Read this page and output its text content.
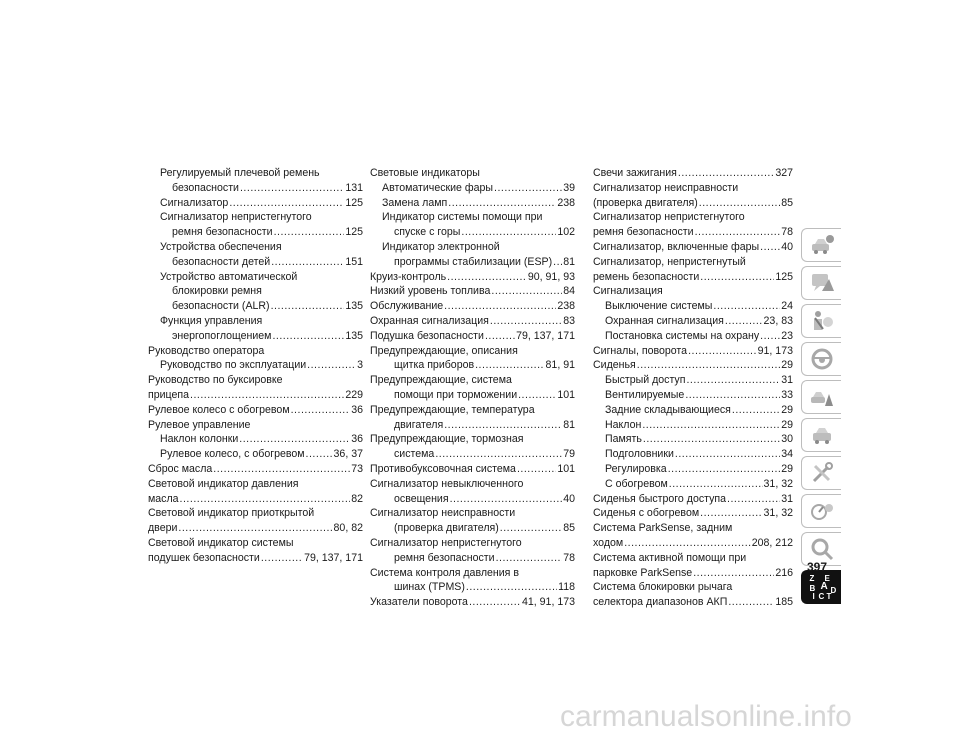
Регулируемый плечевой ремень
безопасности .....	131
Сигнализатор .....	125
Сигнализатор непристегнутого
ремня безопасности .....	125
Устройства обеспечения
безопасности детей .....	151
Устройство автоматической
блокировки ремня
безопасности (ALR) .....	135
Функция управления
энергопоглощением .....	135
Руководство оператора
Руководство по эксплуатации .....	3
Руководство по буксировке
прицепа .....	229
Рулевое колесо с обогревом .....	36
Рулевое управление
Наклон колонки .....	36
Рулевое колесо, с обогревом .....	36, 37
Сброс масла .....	73
Световой индикатор давления
масла .....	82
Световой индикатор приоткрытой
двери .....	80, 82
Световой индикатор системы
подушек безопасности .....	79, 137, 171
Световые индикаторы
Автоматические фары .....	39
Замена ламп .....	238
Индикатор системы помощи при
спуске с горы .....	102
Индикатор электронной
программы стабилизации (ESP) ..... 81
Круиз-контроль .....	90, 91, 93
Низкий уровень топлива .....	84
Обслуживание .....	238
Охранная сигнализация .....	83
Подушка безопасности .....	79, 137, 171
Предупреждающие, описания
щитка приборов .....	81, 91
Предупреждающие, система
помощи при торможении .....	101
Предупреждающие, температура
двигателя .....	81
Предупреждающие, тормозная
система .....	79
Противобуксовочная система .....	101
Сигнализатор невыключенного
освещения .....	40
Сигнализатор неисправности
(проверка двигателя) .....	85
Сигнализатор непристегнутого
ремня безопасности .....	78
Система контроля давления в
шинах (TPMS) .....	118
Указатели поворота .....	41, 91, 173
Свечи зажигания .....	327
Сигнализатор неисправности
(проверка двигателя) .....	85
Сигнализатор непристегнутого
ремня безопасности .....	78
Сигнализатор, включенные фары ..... 40
Сигнализатор, непристегнутый
ремень безопасности .....	125
Сигнализация
Выключение системы .....	24
Охранная сигнализация .....	23, 83
Постановка системы на охрану ..... 23
Сигналы, поворота .....	91, 173
Сиденья .....	29
Быстрый доступ .....	31
Вентилируемые .....	33
Задние складывающиеся .....	29
Наклон .....	29
Память .....	30
Подголовники .....	34
Регулировка .....	29
С обогревом .....	31, 32
Сиденья быстрого доступа .....	31
Сиденья с обогревом .....	31, 32
Система ParkSense, задним
ходом .....	208, 212
Система активной помощи при
парковке ParkSense .....	216
Система блокировки рычага
селектора диапазонов АКП .....	185
Z
B
E
A D
I C T
397
carmanualsonline.info
